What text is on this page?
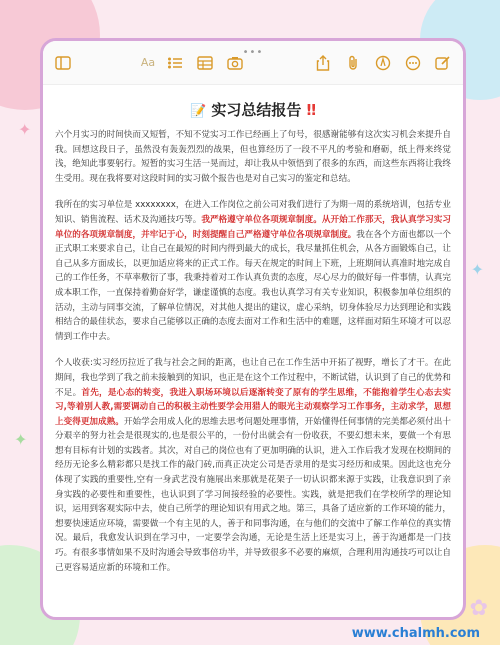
✦
✦
✦
•••
Aa
📝 实习总结报告 ‼

六个月实习的时间快而又短暂，不知不觉实习工作已经画上了句号，很感谢能够有这次实习机会来提升自我。回想这段日子，虽然没有轰轰烈烈的战果，但也算经历了一段不平凡的考验和磨砺，纸上得来终觉浅，绝知此事要躬行。短暂的实习生活一晃而过，却让我从中领悟到了很多的东西，而这些东西将让我终生受用。现在我将要对这段时间的实习做个报告也是对自己实习的鉴定和总结。

我所在的实习单位是 xxxxxxxx，在进入工作岗位之前公司对我们进行了为期一周的系统培训，包括专业知识、销售流程、话术及沟通技巧等。我严格遵守单位各项规章制度。从开始工作那天，我认真学习实习单位的各项规章制度，并牢记于心，时刻提醒自己严格遵守单位各项规章制度。我在各个方面也都以一个正式职工来要求自己，让自己在最短的时间内得到最大的成长，我尽量抓住机会，从各方面锻炼自己，让自己从多方面成长，以更加适应将来的正式工作。每天在规定的时间上下班，上班期间认真准时地完成自己的工作任务，不草率敷衍了事，我秉持着对工作认真负责的态度，尽心尽力的做好每一件事情，认真完成本职工作，一直保持着勤奋好学，谦虚谨慎的态度。我也认真学习有关专业知识，积极参加单位组织的活动，主动与同事交流，了解单位情况，对其他人提出的建议，虚心采纳，切身体验尽力达到理论和实践相结合的最佳状态，要求自己能够以正确的态度去面对工作和生活中的难题，这样面对陌生环境才可以忍情到工作中去。

个人收获:实习经历拉近了我与社会之间的距离，也让自己在工作生活中开拓了视野，增长了才干。在此期间，我也学到了我之前未接触到的知识，也正是在这个工作过程中，不断试错，认识到了自己的优势和不足。首先，是心态的转变，我进入职场环境以后逐渐转变了原有的学生思维，不能抱着学生心态去实习,等着别人教,需要调动自己的积极主动性要学会用猎人的眼光主动观察学习工作事务，主动求学，思想上变得更加成熟。开始学会用成人化的思维去思考问题处理事情，开始懂得任何事情的完美都必须付出十分艰辛的努力社会是很现实的,也是很公平的，一份付出就会有一份收获，不要幻想未来，要做一个有思想有目标有计划的实践者。其次，对自己的岗位也有了更加明确的认识，进入工作后我才发现在校期间的经历无论多么精彩都只是找工作的敲门砖,而真正决定公司是否录用的是实习经历和成果。因此这也充分体现了实践的重要性,空有一身武艺没有施展出来那就是花架子一切认识都来源于实践，让我意识到了亲身实践的必要性和重要性，也认识到了学习间接经验的必要性。实践，就是把我们在学校所学的理论知识，运用到客观实际中去，使自己所学的理论知识有用武之地。第三，具备了适应新的工作环境的能力，想要快速适应环境，需要做一个有主见的人，善于和同事沟通，在与他们的交流中了解工作单位的真实情况。最后，我愈发认识到在学习中，一定要学会沟通，无论是生活上还是实习上，善于沟通都是一门技巧。有很多事情如果不及时沟通会导致事倍功半，并导致很多不必要的麻烦，合理利用沟通技巧可以让自己更容易适应新的环境和工作。

✿
www.chalmh.com
